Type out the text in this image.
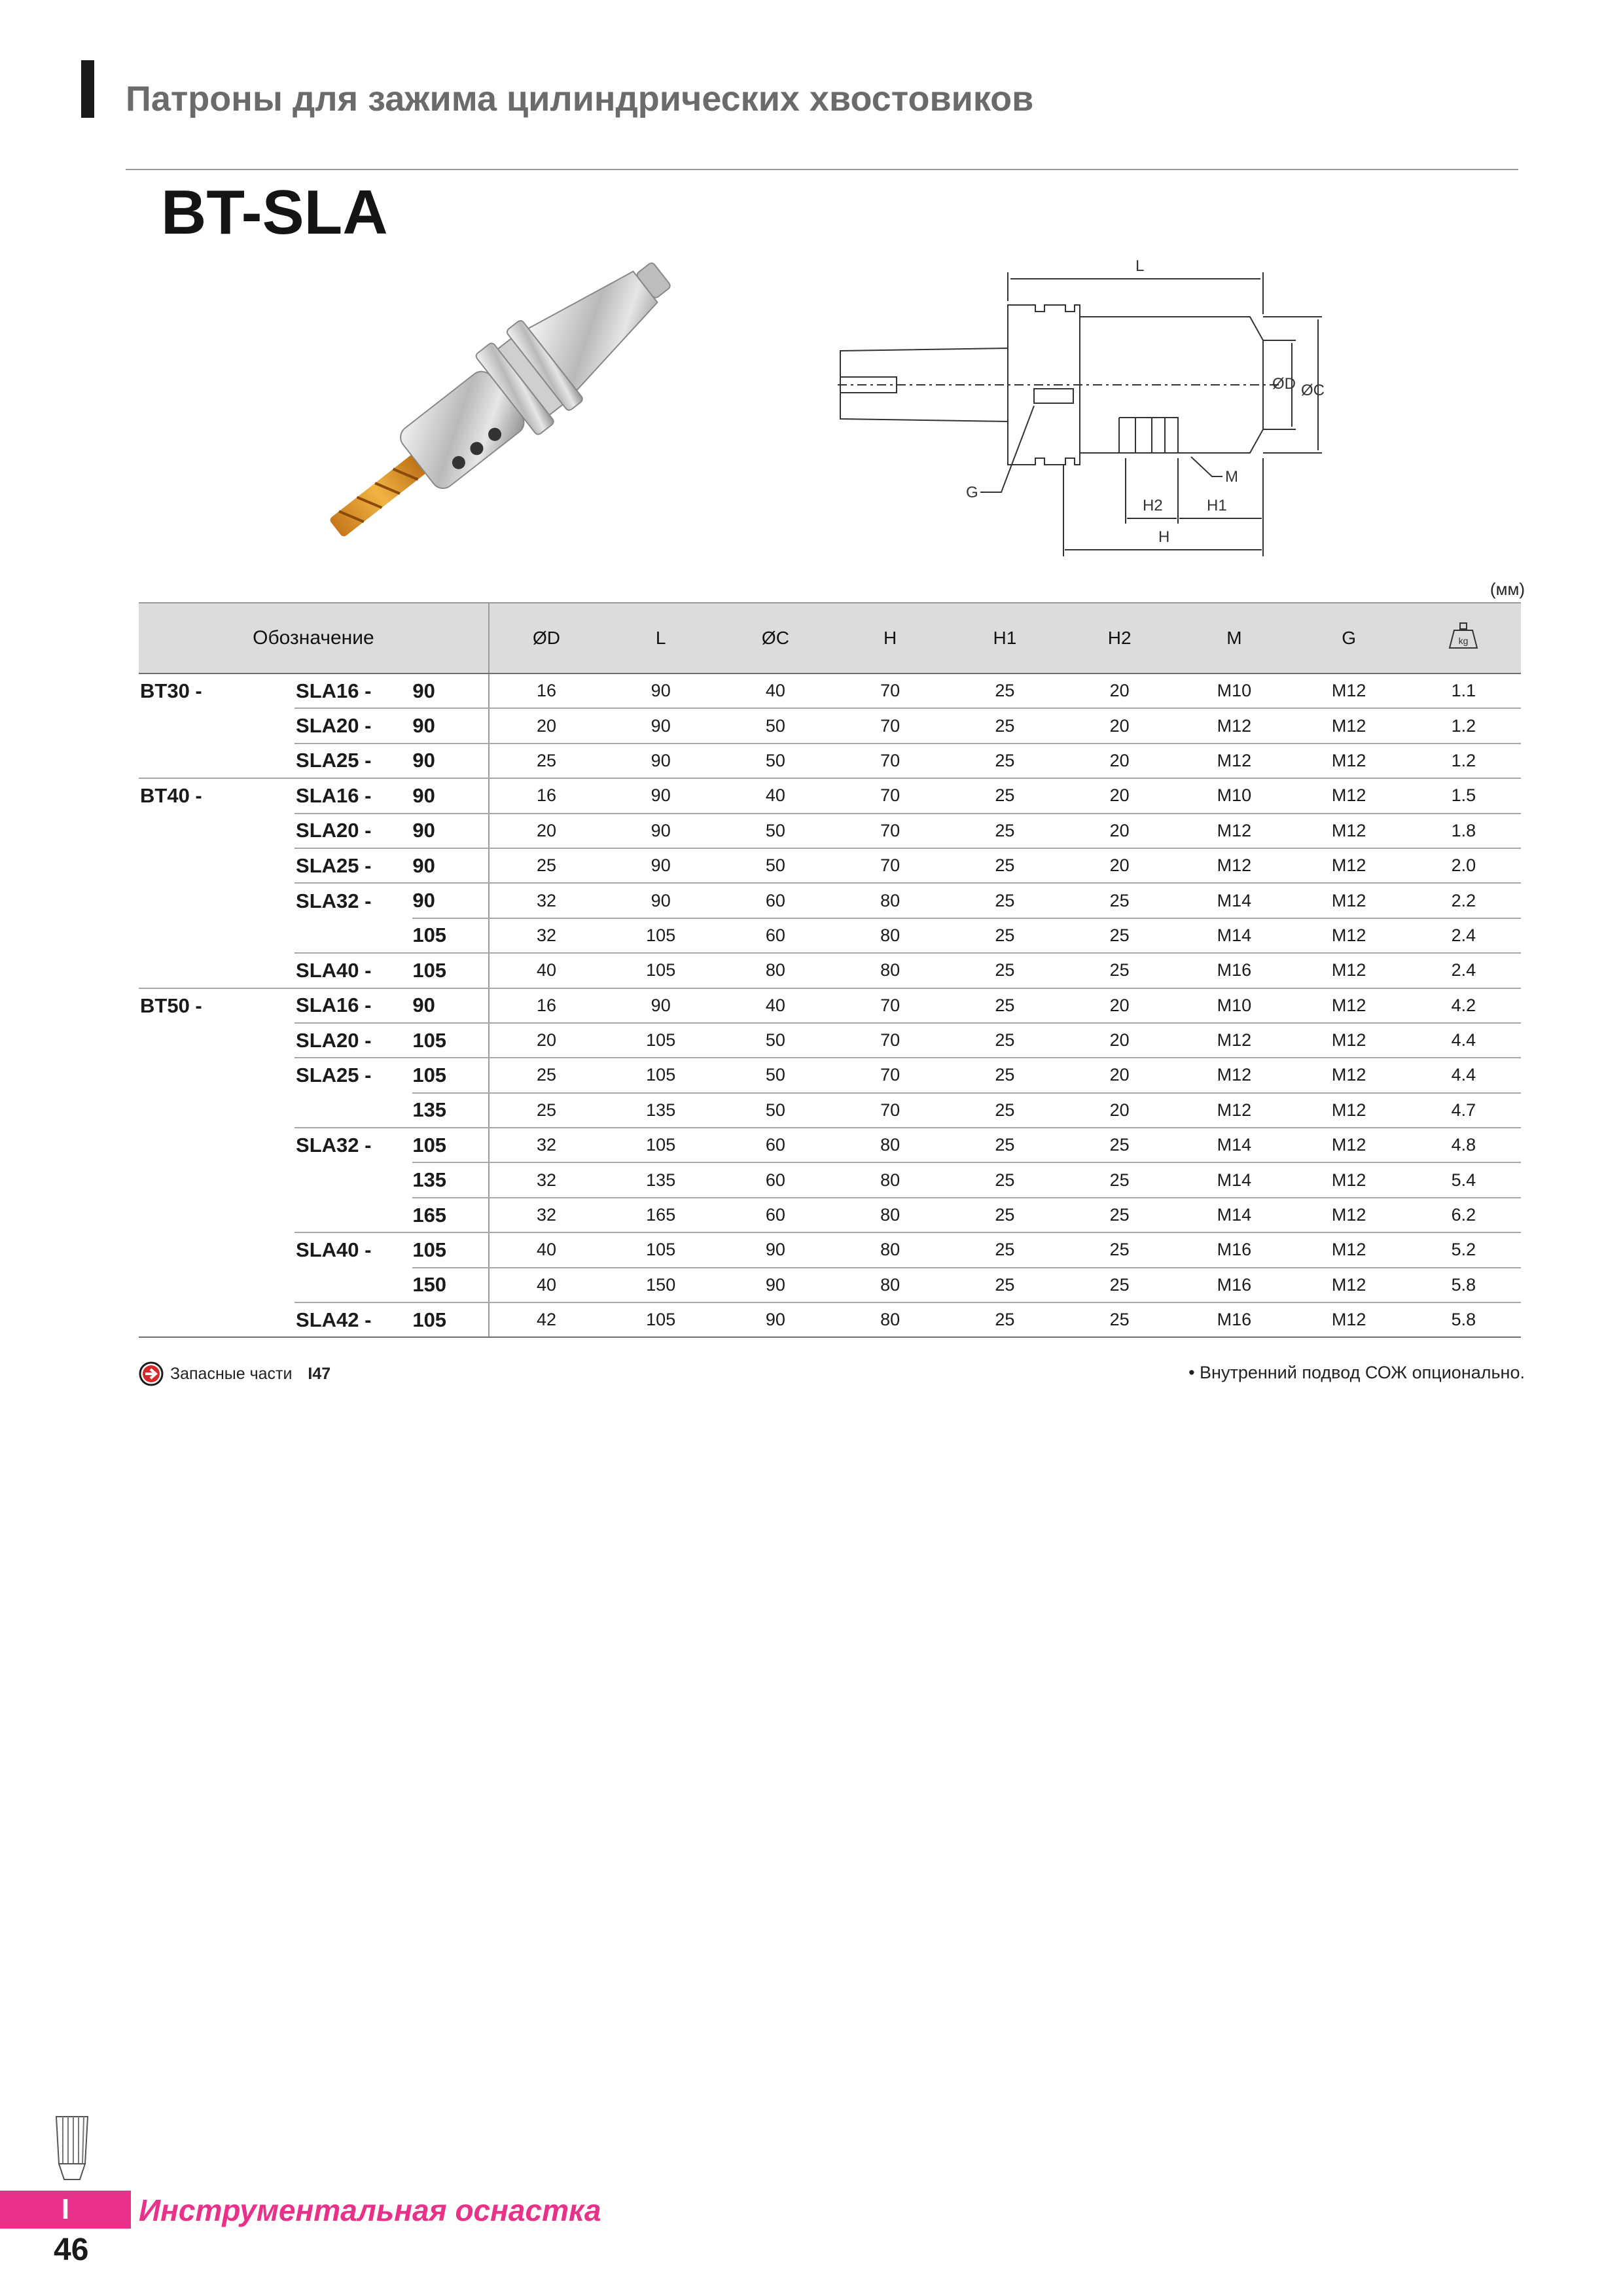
Патроны для зажима цилиндрических хвостовиков
BT-SLA
L
ØD ØC
M
G
H2	H1
H
(мм)
Обозначение			ØD	L	ØC	H	H1	H2	M	G	kg

BT30 -	SLA16 -	90	16	90	40	70	25	20	M10	M12	1.1
	SLA20 -	90	20	90	50	70	25	20	M12	M12	1.2
	SLA25 -	90	25	90	50	70	25	20	M12	M12	1.2
BT40 -	SLA16 -	90	16	90	40	70	25	20	M10	M12	1.5
	SLA20 -	90	20	90	50	70	25	20	M12	M12	1.8
	SLA25 -	90	25	90	50	70	25	20	M12	M12	2.0
	SLA32 -	90	32	90	60	80	25	25	M14	M12	2.2
		105	32	105	60	80	25	25	M14	M12	2.4
	SLA40 -	105	40	105	80	80	25	25	M16	M12	2.4
BT50 -	SLA16 -	90	16	90	40	70	25	20	M10	M12	4.2
	SLA20 -	105	20	105	50	70	25	20	M12	M12	4.4
	SLA25 -	105	25	105	50	70	25	20	M12	M12	4.4
		135	25	135	50	70	25	20	M12	M12	4.7
	SLA32 -	105	32	105	60	80	25	25	M14	M12	4.8
		135	32	135	60	80	25	25	M14	M12	5.4
		165	32	165	60	80	25	25	M14	M12	6.2
	SLA40 -	105	40	105	90	80	25	25	M16	M12	5.2
		150	40	150	90	80	25	25	M16	M12	5.8
	SLA42 -	105	42	105	90	80	25	25	M16	M12	5.8
Запасные части I47	• Внутренний подвод СОЖ опционально.
I	Инструментальная оснастка
46
